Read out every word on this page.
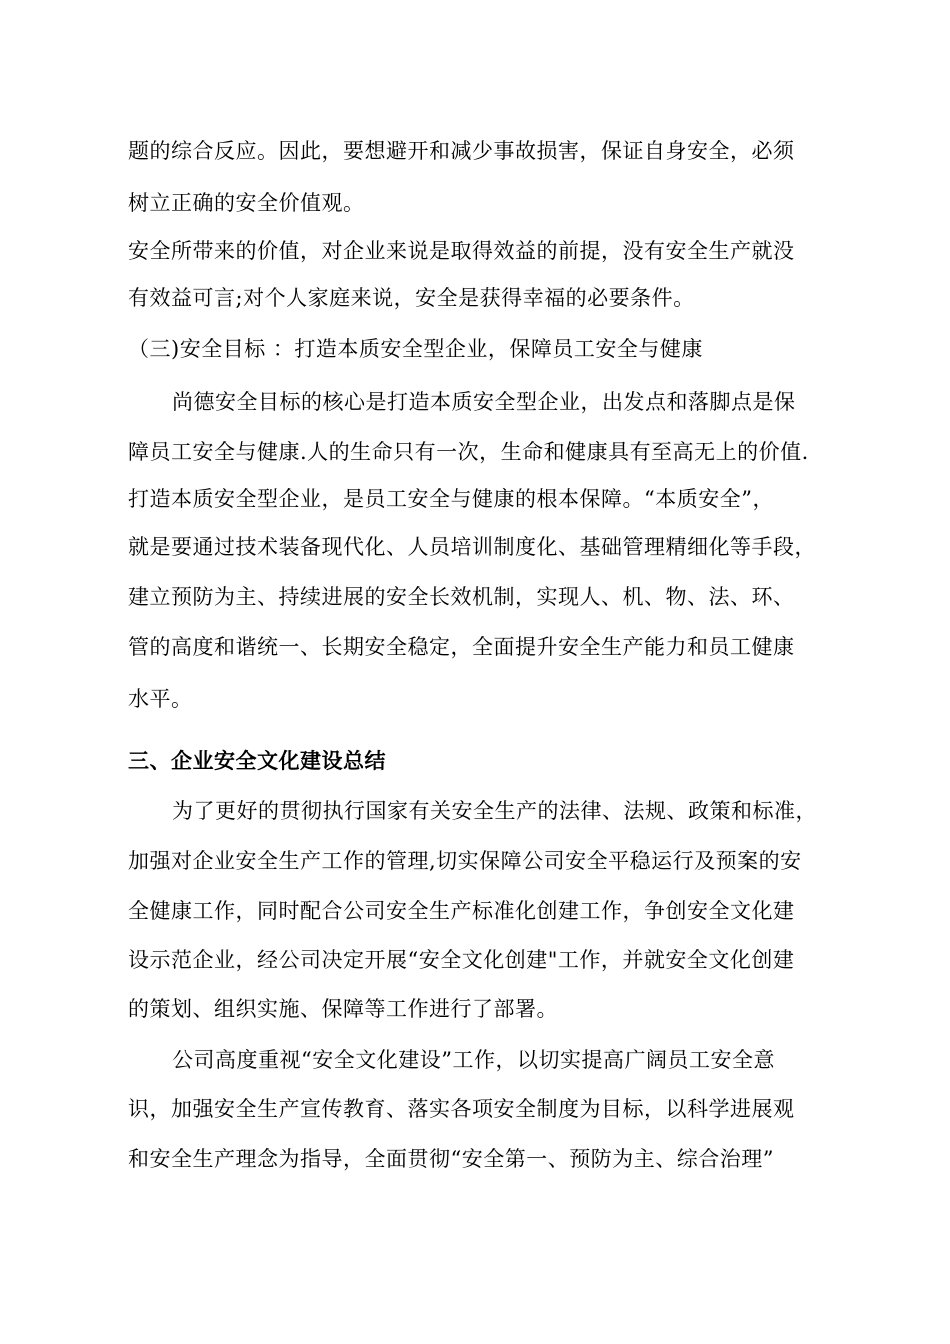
题的综合反应。因此，要想避开和减少事故损害，保证自身安全，必须
树立正确的安全价值观。
安全所带来的价值，对企业来说是取得效益的前提，没有安全生产就没
有效益可言;对个人家庭来说，安全是获得幸福的必要条件。
（三)安全目标 ：打造本质安全型企业，保障员工安全与健康
尚德安全目标的核心是打造本质安全型企业，出发点和落脚点是保
障员工安全与健康.人的生命只有一次，生命和健康具有至高无上的价值.
打造本质安全型企业，是员工安全与健康的根本保障。“本质安全”，
就是要通过技术装备现代化、人员培训制度化、基础管理精细化等手段，
建立预防为主、持续进展的安全长效机制，实现人、机、物、法、环、
管的高度和谐统一、长期安全稳定，全面提升安全生产能力和员工健康
水平。
三、企业安全文化建设总结
为了更好的贯彻执行国家有关安全生产的法律、法规、政策和标准，
加强对企业安全生产工作的管理,切实保障公司安全平稳运行及预案的安
全健康工作，同时配合公司安全生产标准化创建工作，争创安全文化建
设示范企业，经公司决定开展“安全文化创建"工作，并就安全文化创建
的策划、组织实施、保障等工作进行了部署。
公司高度重视“安全文化建设”工作，以切实提高广阔员工安全意
识，加强安全生产宣传教育、落实各项安全制度为目标，以科学进展观
和安全生产理念为指导，全面贯彻“安全第一、预防为主、综合治理”
